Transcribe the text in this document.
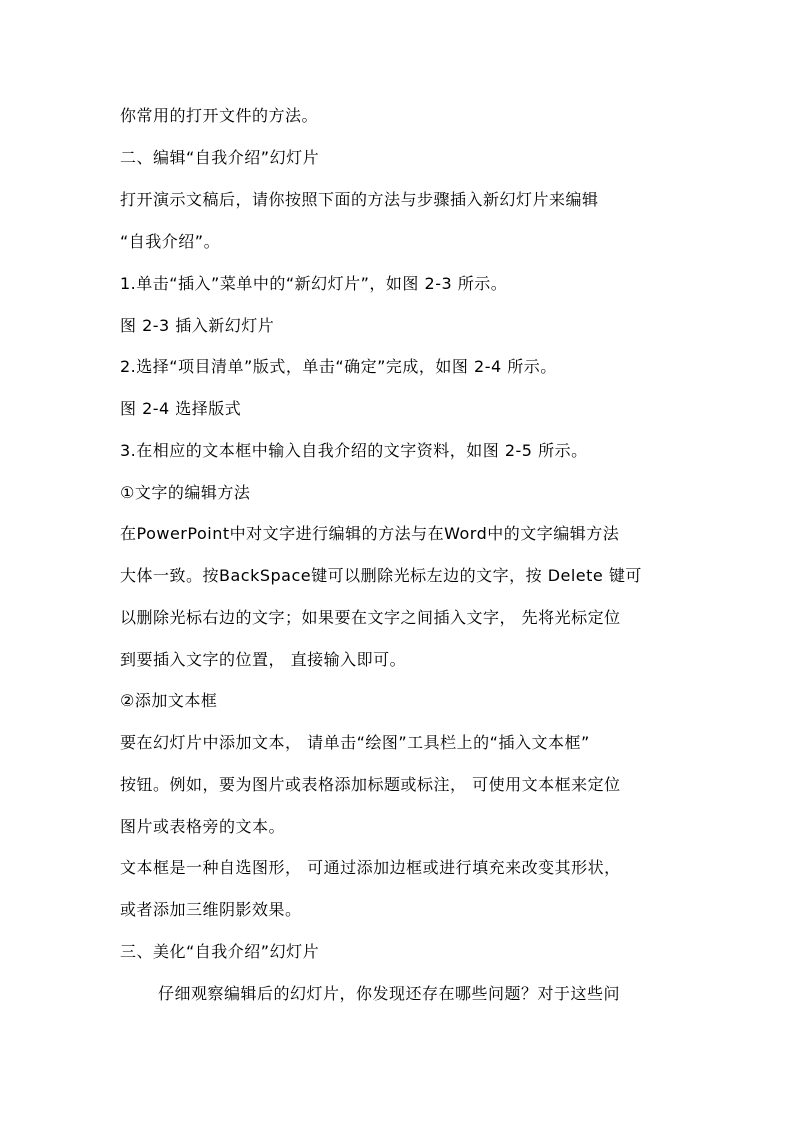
你常用的打开文件的方法。
二、编辑“自我介绍”幻灯片
打开演示文稿后，请你按照下面的方法与步骤插入新幻灯片来编辑
“自我介绍”。
1.单击“插入”菜单中的“新幻灯片”，如图 2-3 所示。
图 2-3 插入新幻灯片
2.选择“项目清单”版式，单击“确定”完成，如图 2-4 所示。
图 2-4 选择版式
3.在相应的文本框中输入自我介绍的文字资料，如图 2-5 所示。
①文字的编辑方法
在PowerPoint中对文字进行编辑的方法与在Word中的文字编辑方法
大体一致。按BackSpace键可以删除光标左边的文字，按 Delete 键可
以删除光标右边的文字；如果要在文字之间插入文字， 先将光标定位
到要插入文字的位置， 直接输入即可。
②添加文本框
要在幻灯片中添加文本， 请单击“绘图”工具栏上的“插入文本框”
按钮。例如，要为图片或表格添加标题或标注， 可使用文本框来定位
图片或表格旁的文本。
文本框是一种自选图形， 可通过添加边框或进行填充来改变其形状，
或者添加三维阴影效果。
三、美化“自我介绍”幻灯片
仔细观察编辑后的幻灯片，你发现还存在哪些问题？对于这些问
